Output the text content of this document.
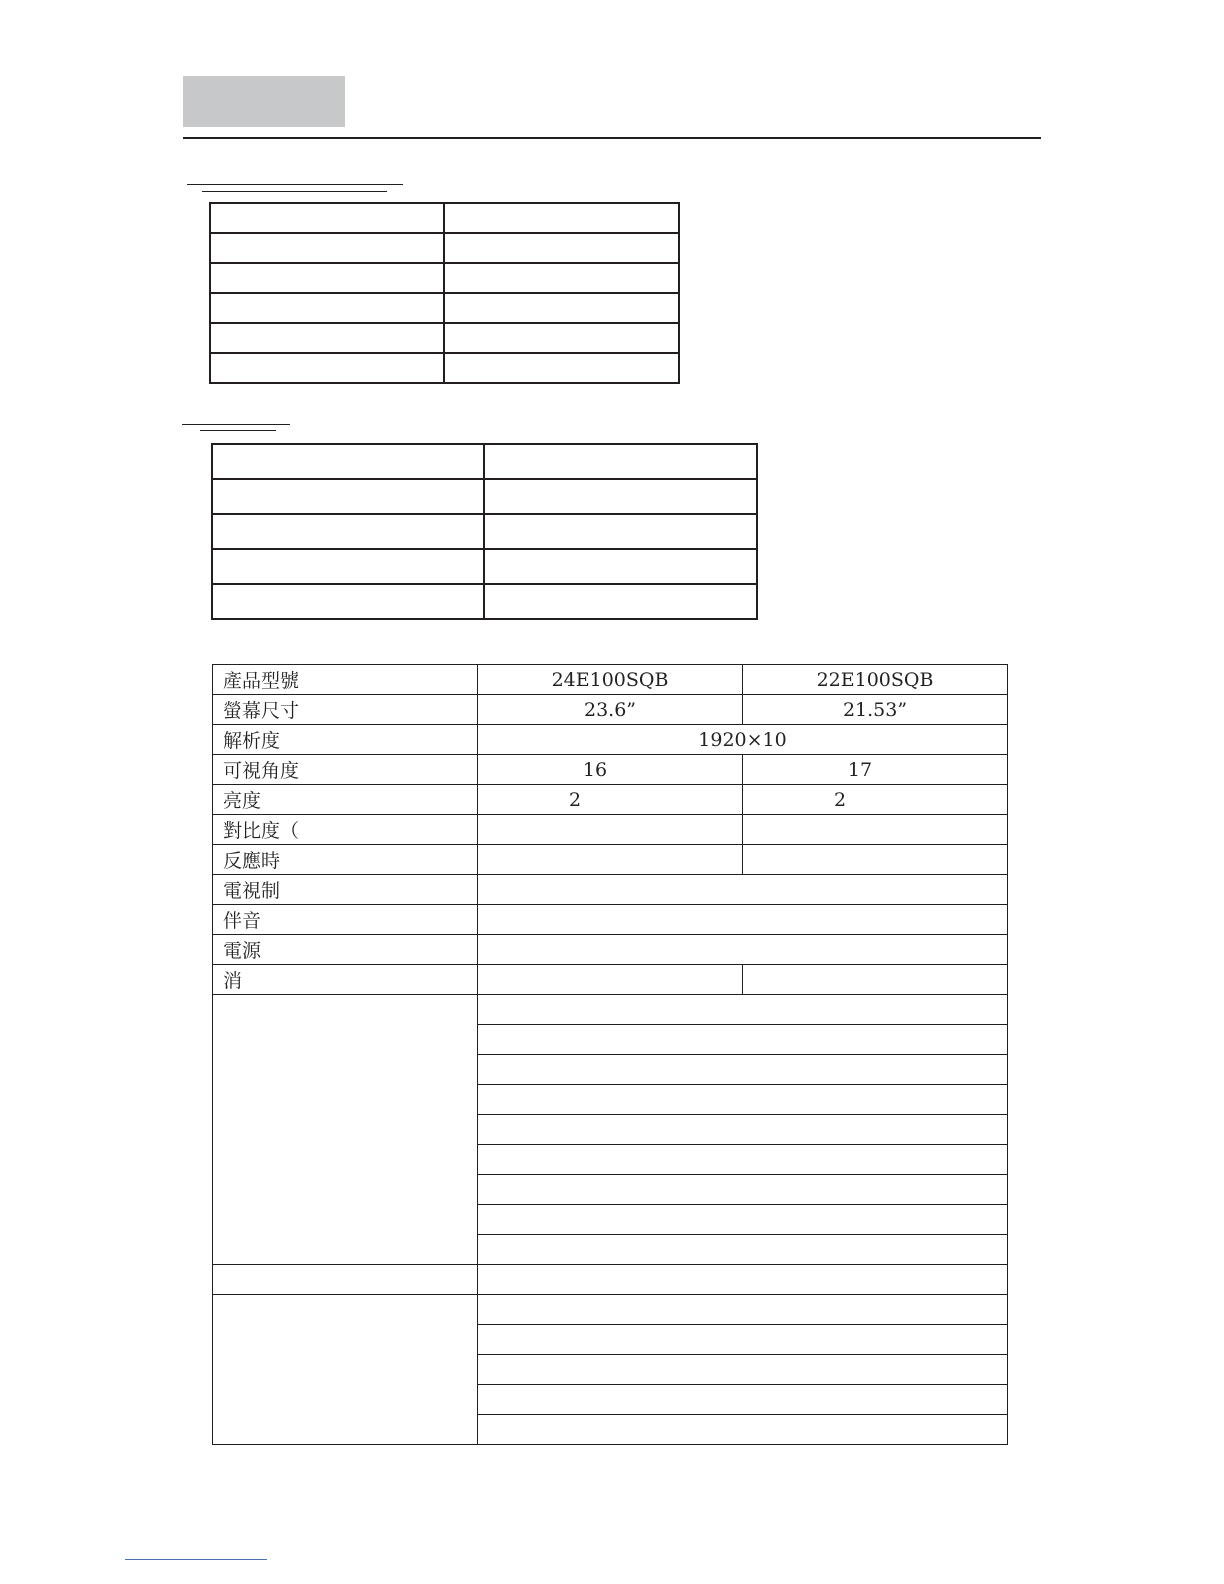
產品型號	24E100SQB	22E100SQB
螢幕尺寸	23.6”	21.53”
解析度	1920×10	
可視角度	16	17
亮度	2	2
對比度（		
反應時		
電視制		
伴音		
電源		
消		
